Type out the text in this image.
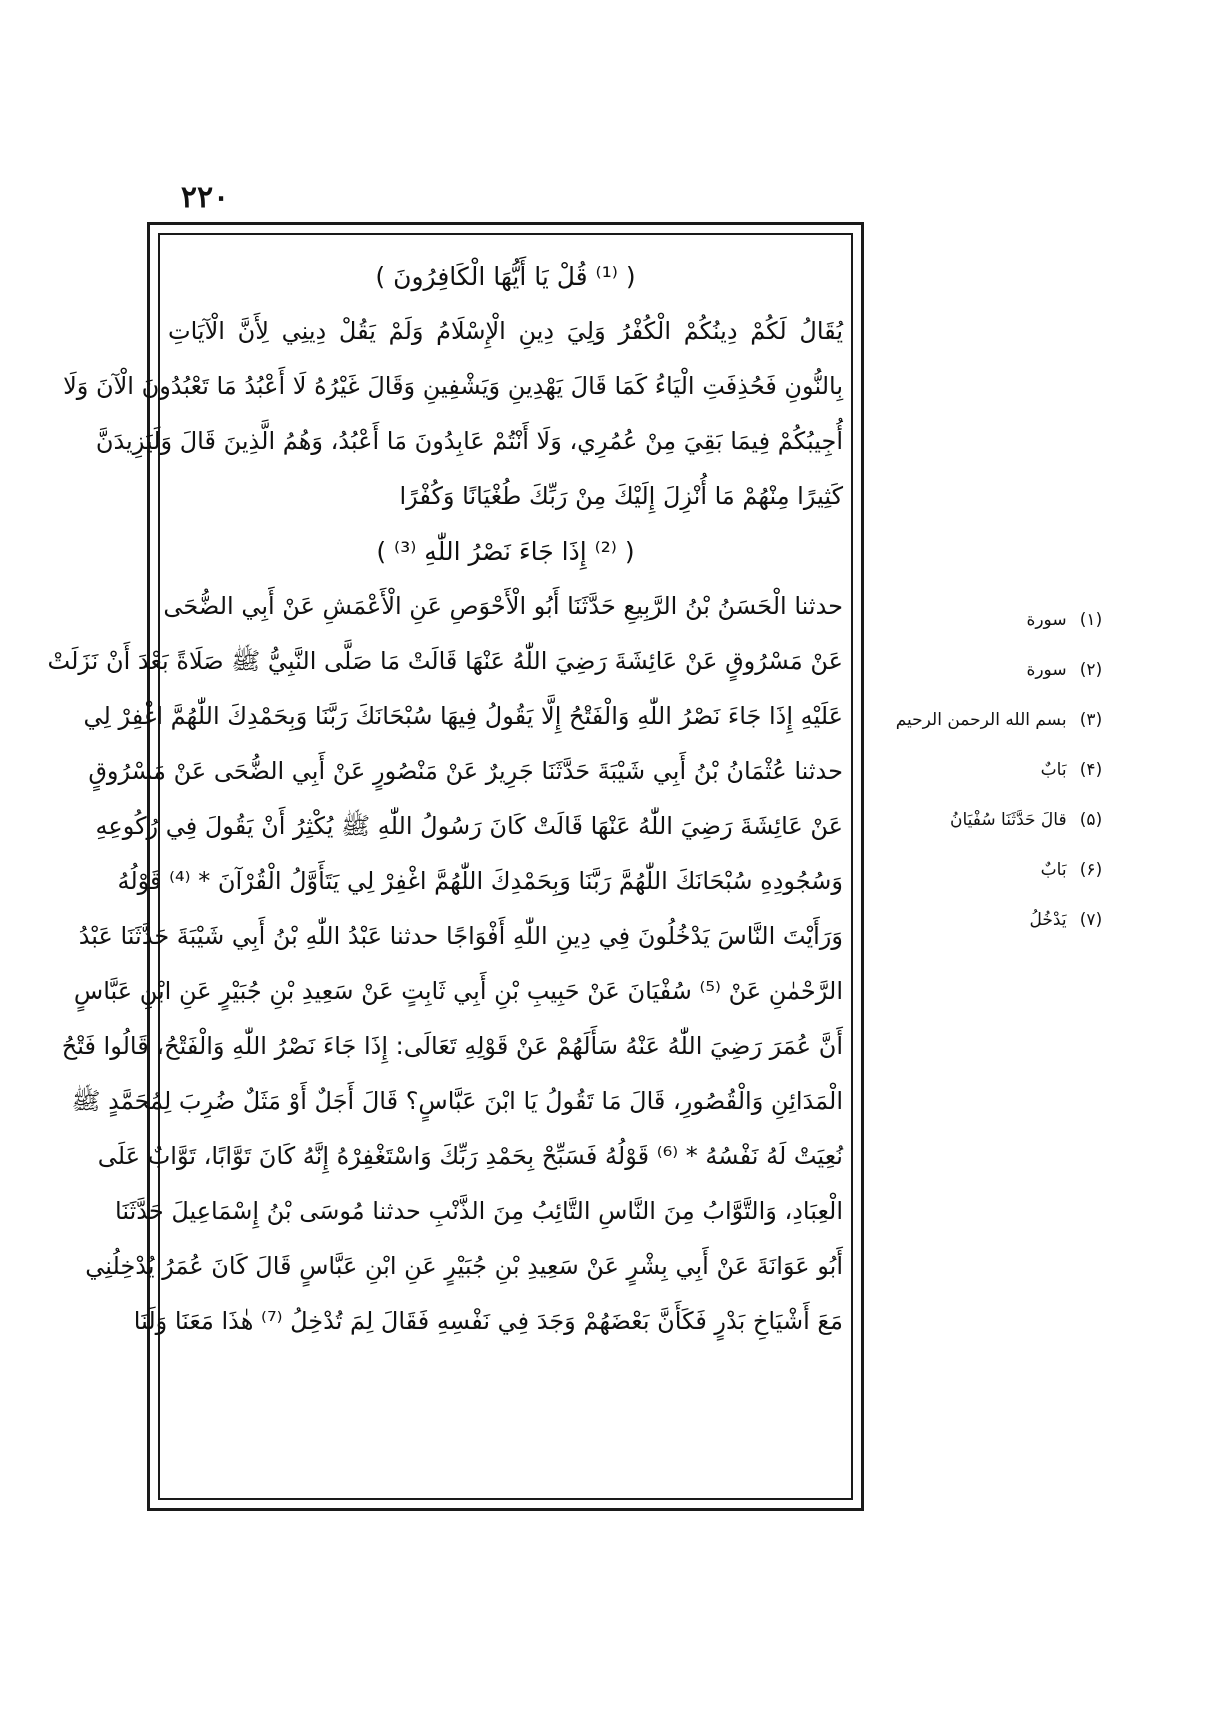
۲۲۰
( ⁽¹⁾ قُلْ يَا أَيُّهَا الْكَافِرُونَ )
يُقَالُ لَكُمْ دِينُكُمْ الْكُفْرُ وَلِيَ دِينِ الْإِسْلَامُ وَلَمْ يَقُلْ دِينِي لِأَنَّ الْآيَاتِ
بِالنُّونِ فَحُذِفَتِ الْيَاءُ كَمَا قَالَ يَهْدِينِ وَيَشْفِينِ وَقَالَ غَيْرُهُ لَا أَعْبُدُ مَا تَعْبُدُونَ الْآنَ وَلَا
أُجِيبُكُمْ فِيمَا بَقِيَ مِنْ عُمُرِي، وَلَا أَنْتُمْ عَابِدُونَ مَا أَعْبُدُ، وَهُمُ الَّذِينَ قَالَ وَلَيَزِيدَنَّ
كَثِيرًا مِنْهُمْ مَا أُنْزِلَ إِلَيْكَ مِنْ رَبِّكَ طُغْيَانًا وَكُفْرًا
( ⁽²⁾ إِذَا جَاءَ نَصْرُ اللّٰهِ ⁽³⁾ )
حدثنا الْحَسَنُ بْنُ الرَّبِيعِ حَدَّثَنَا أَبُو الْأَحْوَصِ عَنِ الْأَعْمَشِ عَنْ أَبِي الضُّحَى
عَنْ مَسْرُوقٍ عَنْ عَائِشَةَ رَضِيَ اللّٰهُ عَنْهَا قَالَتْ مَا صَلَّى النَّبِيُّ ﷺ صَلَاةً بَعْدَ أَنْ نَزَلَتْ
عَلَيْهِ إِذَا جَاءَ نَصْرُ اللّٰهِ وَالْفَتْحُ إِلَّا يَقُولُ فِيهَا سُبْحَانَكَ رَبَّنَا وَبِحَمْدِكَ اللّٰهُمَّ اغْفِرْ لِي
حدثنا عُثْمَانُ بْنُ أَبِي شَيْبَةَ حَدَّثَنَا جَرِيرٌ عَنْ مَنْصُورٍ عَنْ أَبِي الضُّحَى عَنْ مَسْرُوقٍ
عَنْ عَائِشَةَ رَضِيَ اللّٰهُ عَنْهَا قَالَتْ كَانَ رَسُولُ اللّٰهِ ﷺ يُكْثِرُ أَنْ يَقُولَ فِي رُكُوعِهِ
وَسُجُودِهِ سُبْحَانَكَ اللّٰهُمَّ رَبَّنَا وَبِحَمْدِكَ اللّٰهُمَّ اغْفِرْ لِي يَتَأَوَّلُ الْقُرْآنَ * ⁽⁴⁾ قَوْلُهُ
وَرَأَيْتَ النَّاسَ يَدْخُلُونَ فِي دِينِ اللّٰهِ أَفْوَاجًا حدثنا عَبْدُ اللّٰهِ بْنُ أَبِي شَيْبَةَ حَدَّثَنَا عَبْدُ
الرَّحْمٰنِ عَنْ ⁽⁵⁾ سُفْيَانَ عَنْ حَبِيبِ بْنِ أَبِي ثَابِتٍ عَنْ سَعِيدِ بْنِ جُبَيْرٍ عَنِ ابْنِ عَبَّاسٍ
أَنَّ عُمَرَ رَضِيَ اللّٰهُ عَنْهُ سَأَلَهُمْ عَنْ قَوْلِهِ تَعَالَى: إِذَا جَاءَ نَصْرُ اللّٰهِ وَالْفَتْحُ، قَالُوا فَتْحُ
الْمَدَائِنِ وَالْقُصُورِ، قَالَ مَا تَقُولُ يَا ابْنَ عَبَّاسٍ؟ قَالَ أَجَلٌ أَوْ مَثَلٌ ضُرِبَ لِمُحَمَّدٍ ﷺ
نُعِيَتْ لَهُ نَفْسُهُ * ⁽⁶⁾ قَوْلُهُ فَسَبِّحْ بِحَمْدِ رَبِّكَ وَاسْتَغْفِرْهُ إِنَّهُ كَانَ تَوَّابًا، تَوَّابٌ عَلَى
الْعِبَادِ، وَالتَّوَّابُ مِنَ النَّاسِ التَّائِبُ مِنَ الذَّنْبِ حدثنا مُوسَى بْنُ إِسْمَاعِيلَ حَدَّثَنَا
أَبُو عَوَانَةَ عَنْ أَبِي بِشْرٍ عَنْ سَعِيدِ بْنِ جُبَيْرٍ عَنِ ابْنِ عَبَّاسٍ قَالَ كَانَ عُمَرُ يُدْخِلُنِي
مَعَ أَشْيَاخِ بَدْرٍ فَكَأَنَّ بَعْضَهُمْ وَجَدَ فِي نَفْسِهِ فَقَالَ لِمَ تُدْخِلُ ⁽⁷⁾ هٰذَا مَعَنَا وَلَنَا
(۱) سورة
(۲) سورة
(۳) بسم الله الرحمن الرحيم
(۴) بَابٌ
(۵) قالَ حَدَّثَنَا سُفْيَانُ
(۶) بَابٌ
(۷) يَدْخُلُ
